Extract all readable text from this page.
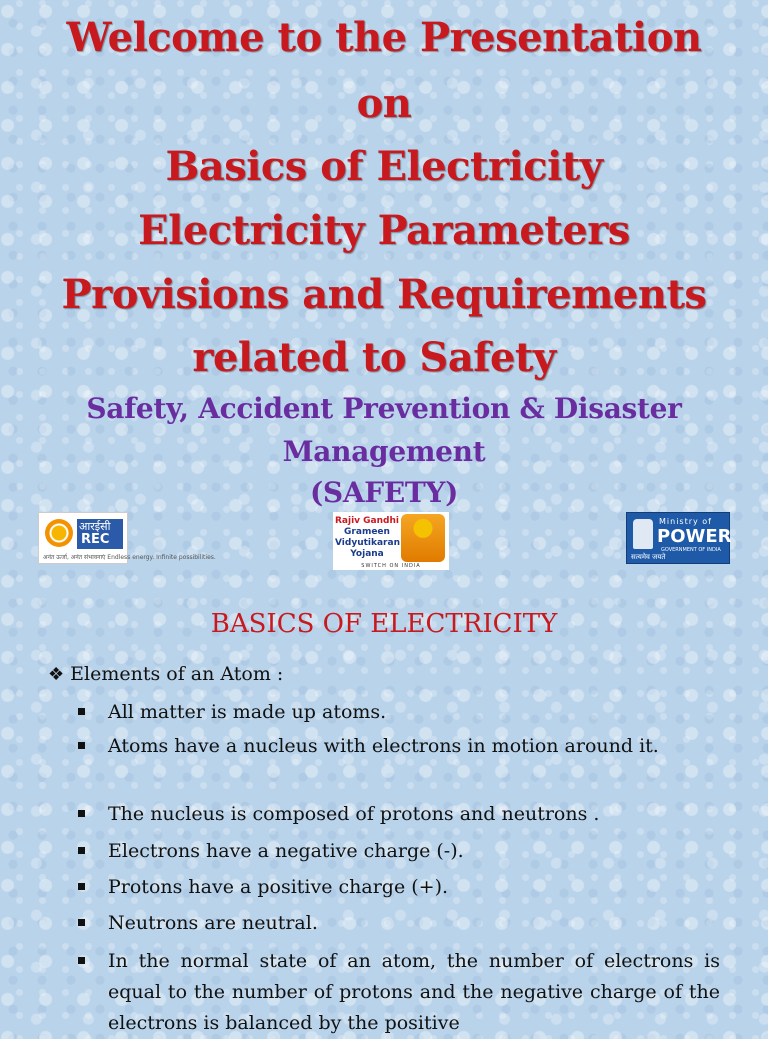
Welcome to the Presentation
on
Basics of Electricity
Electricity Parameters
Provisions and Requirements
related to Safety
Safety, Accident Prevention & Disaster
Management
(SAFETY)
आरईसी
REC
अनंत ऊर्जा, अनंत संभावनाएं Endless energy. Infinite possibilities.
Rajiv Gandhi
Grameen
Vidyutikaran
Yojana
SWITCH ON INDIA
Ministry of
POWER
GOVERNMENT OF INDIA
सत्यमेव जयते
BASICS OF ELECTRICITY
❖ Elements of an Atom :
All matter is made up atoms.
Atoms have a nucleus with electrons in motion around it.
The nucleus is composed of protons and neutrons .
Electrons have a negative charge (-).
Protons have a positive charge (+).
Neutrons are neutral.
In the normal state of an atom, the number of electrons is equal to the number of protons and the negative charge of the electrons is balanced by the positive
